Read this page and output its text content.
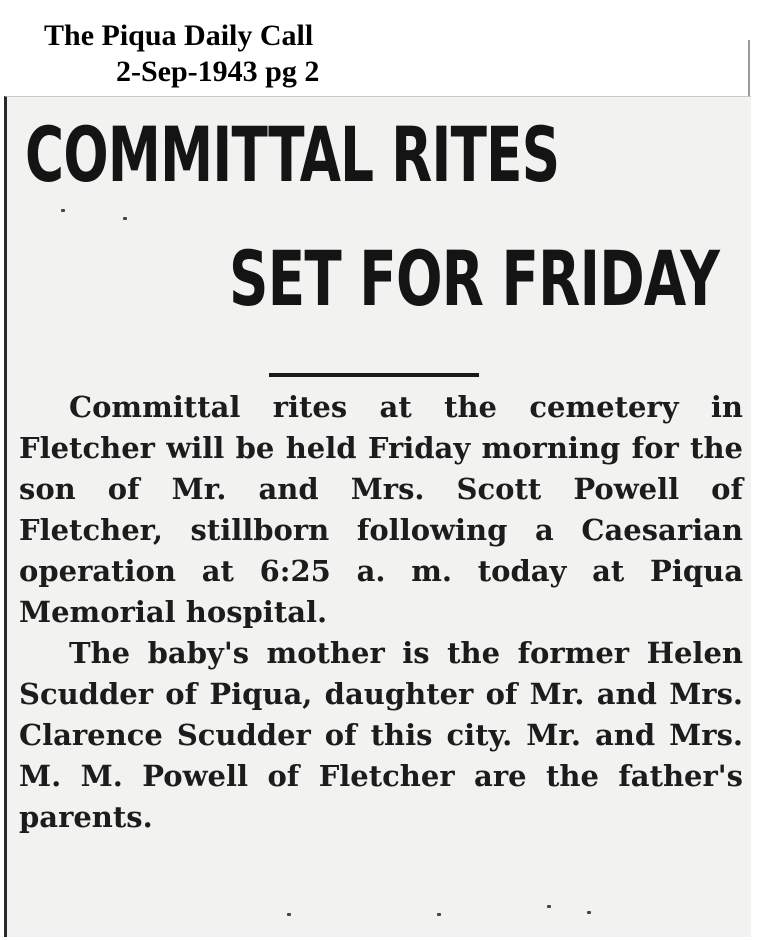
The Piqua Daily Call
2-Sep-1943 pg 2
COMMITTAL RITES
SET FOR FRIDAY

Committal rites at the cemetery in Fletcher will be held Friday morning for the son of Mr. and Mrs. Scott Powell of Fletcher, stillborn following a Caesarian operation at 6:25 a. m. today at Piqua Memorial hospital.

The baby's mother is the former Helen Scudder of Piqua, daughter of Mr. and Mrs. Clarence Scudder of this city. Mr. and Mrs. M. M. Powell of Fletcher are the father's parents.
